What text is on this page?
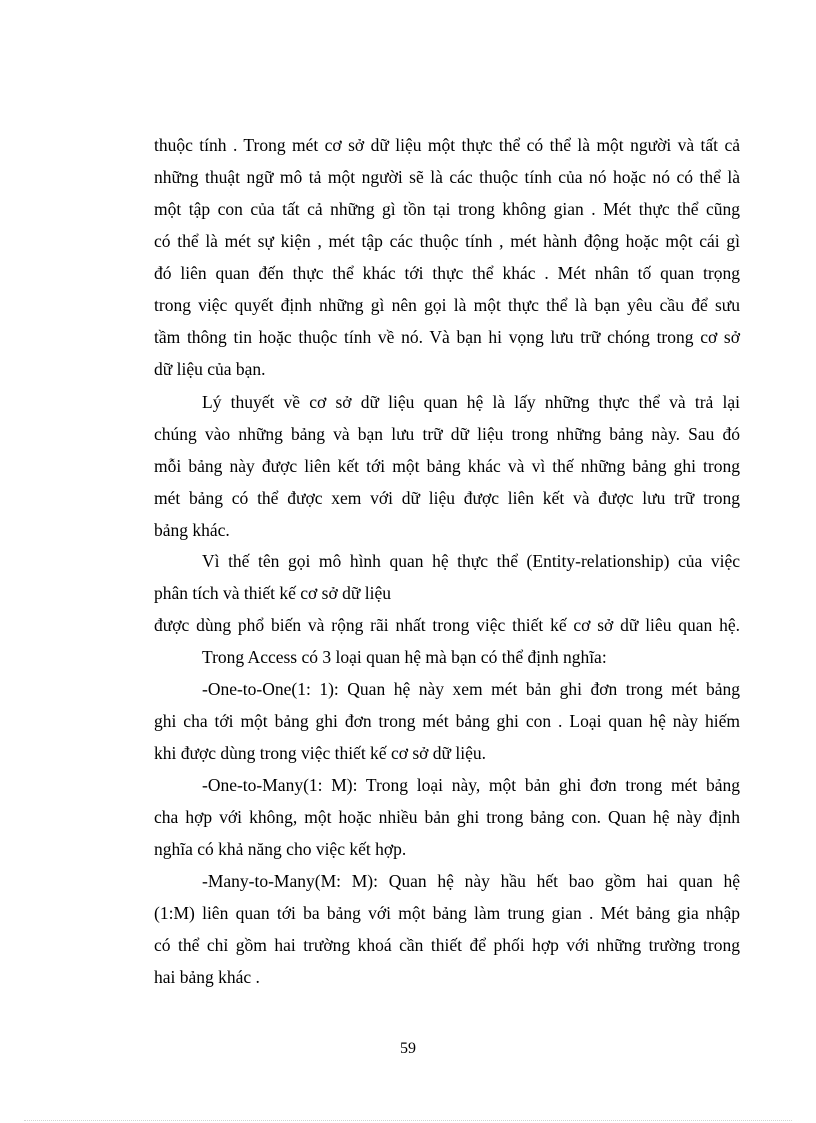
thuộc tính . Trong mét cơ sở dữ liệu một thực thể có thể là một người và tất cả

những thuật ngữ mô tả một người sẽ là các thuộc tính của nó hoặc nó có thể là

một tập con của tất cả những gì tồn tại trong không gian . Mét thực thể cũng

có thể là mét sự kiện , mét tập các thuộc tính , mét hành động hoặc một cái gì

đó liên quan đến thực thể khác tới thực thể khác . Mét nhân tố quan trọng

trong việc quyết định những gì nên gọi là một thực thể là bạn yêu cầu để sưu

tầm thông tin hoặc thuộc tính về nó. Và bạn hi vọng lưu trữ chóng trong cơ sở

dữ liệu của bạn.

Lý thuyết về cơ sở dữ liệu quan hệ là lấy những thực thể và trả lại

chúng vào những bảng và bạn lưu trữ dữ liệu trong những bảng này. Sau đó

mỗi bảng này được liên kết tới một bảng khác và vì thế những bảng ghi trong

mét bảng có thể được xem với dữ liệu được liên kết và được lưu trữ trong

bảng khác.

Vì thế tên gọi mô hình quan hệ thực thể (Entity-relationship) của việc

phân tích và thiết kế cơ sở dữ liệu

được dùng phổ biến và rộng rãi nhất trong việc thiết kế cơ sở dữ liêu quan hệ.

Trong Access có 3 loại quan hệ mà bạn có thể định nghĩa:

-One-to-One(1: 1): Quan hệ này xem mét bản ghi đơn trong mét bảng

ghi cha tới một bảng ghi đơn trong mét bảng ghi con . Loại quan hệ này hiếm

khi được dùng trong việc thiết kế cơ sở dữ liệu.

-One-to-Many(1: M): Trong loại này, một bản ghi đơn trong mét bảng

cha hợp với không, một hoặc nhiều bản ghi trong bảng con. Quan hệ này định

nghĩa có khả năng cho việc kết hợp.

-Many-to-Many(M: M): Quan hệ này hầu hết bao gồm hai quan hệ

(1:M) liên quan tới ba bảng với một bảng làm trung gian . Mét bảng gia nhập

có thể chỉ gồm hai trường khoá cần thiết để phối hợp với những trường trong

hai bảng khác .

59
